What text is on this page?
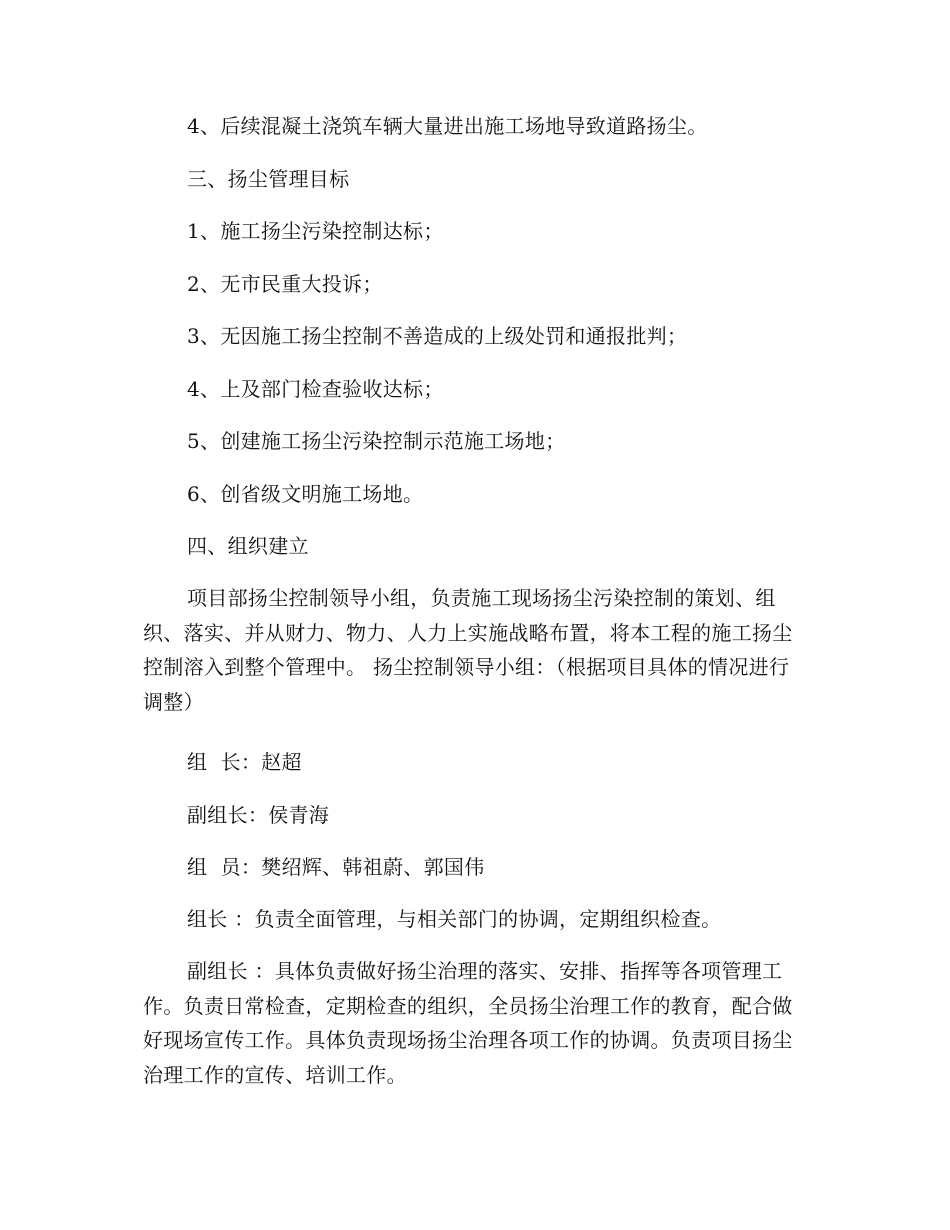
4、后续混凝土浇筑车辆大量进出施工场地导致道路扬尘。

三、扬尘管理目标

1、施工扬尘污染控制达标；

2、无市民重大投诉；

3、无因施工扬尘控制不善造成的上级处罚和通报批判；

4、上及部门检查验收达标；

5、创建施工扬尘污染控制示范施工场地；

6、创省级文明施工场地。

四、组织建立

项目部扬尘控制领导小组，负责施工现场扬尘污染控制的策划、组织、落实、并从财力、物力、人力上实施战略布置，将本工程的施工扬尘控制溶入到整个管理中。 扬尘控制领导小组：（根据项目具体的情况进行调整）

组  长：赵超

副组长：侯青海

组  员：樊绍辉、韩祖蔚、郭国伟

组长 ：负责全面管理，与相关部门的协调，定期组织检查。

副组长 ：具体负责做好扬尘治理的落实、安排、指挥等各项管理工作。负责日常检查，定期检查的组织，全员扬尘治理工作的教育，配合做好现场宣传工作。具体负责现场扬尘治理各项工作的协调。负责项目扬尘治理工作的宣传、培训工作。
